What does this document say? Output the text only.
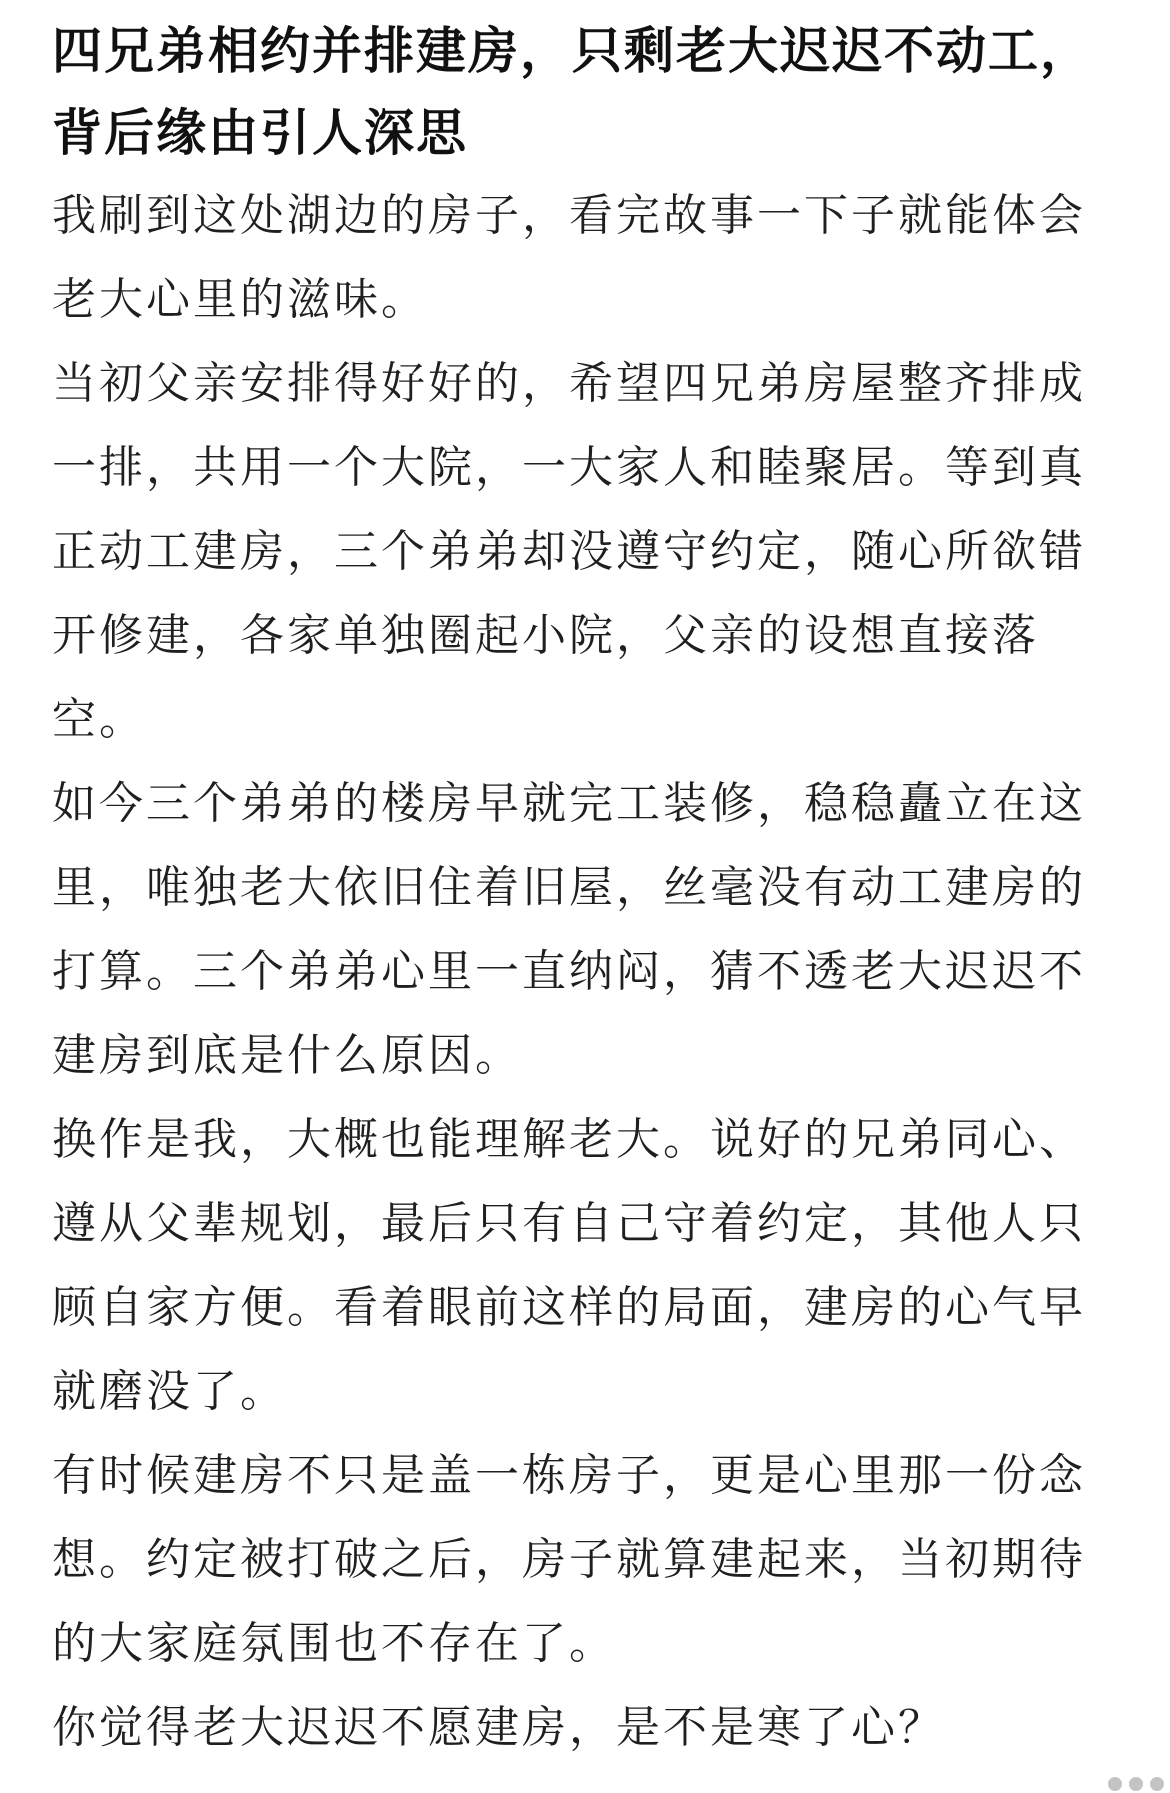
四兄弟相约并排建房，只剩老大迟迟不动工，背后缘由引人深思

我刷到这处湖边的房子，看完故事一下子就能体会老大心里的滋味。

当初父亲安排得好好的，希望四兄弟房屋整齐排成一排，共用一个大院，一大家人和睦聚居。等到真正动工建房，三个弟弟却没遵守约定，随心所欲错开修建，各家单独圈起小院，父亲的设想直接落空。

如今三个弟弟的楼房早就完工装修，稳稳矗立在这里，唯独老大依旧住着旧屋，丝毫没有动工建房的打算。三个弟弟心里一直纳闷，猜不透老大迟迟不建房到底是什么原因。

换作是我，大概也能理解老大。说好的兄弟同心、遵从父辈规划，最后只有自己守着约定，其他人只顾自家方便。看着眼前这样的局面，建房的心气早就磨没了。

有时候建房不只是盖一栋房子，更是心里那一份念想。约定被打破之后，房子就算建起来，当初期待的大家庭氛围也不存在了。

你觉得老大迟迟不愿建房，是不是寒了心？
